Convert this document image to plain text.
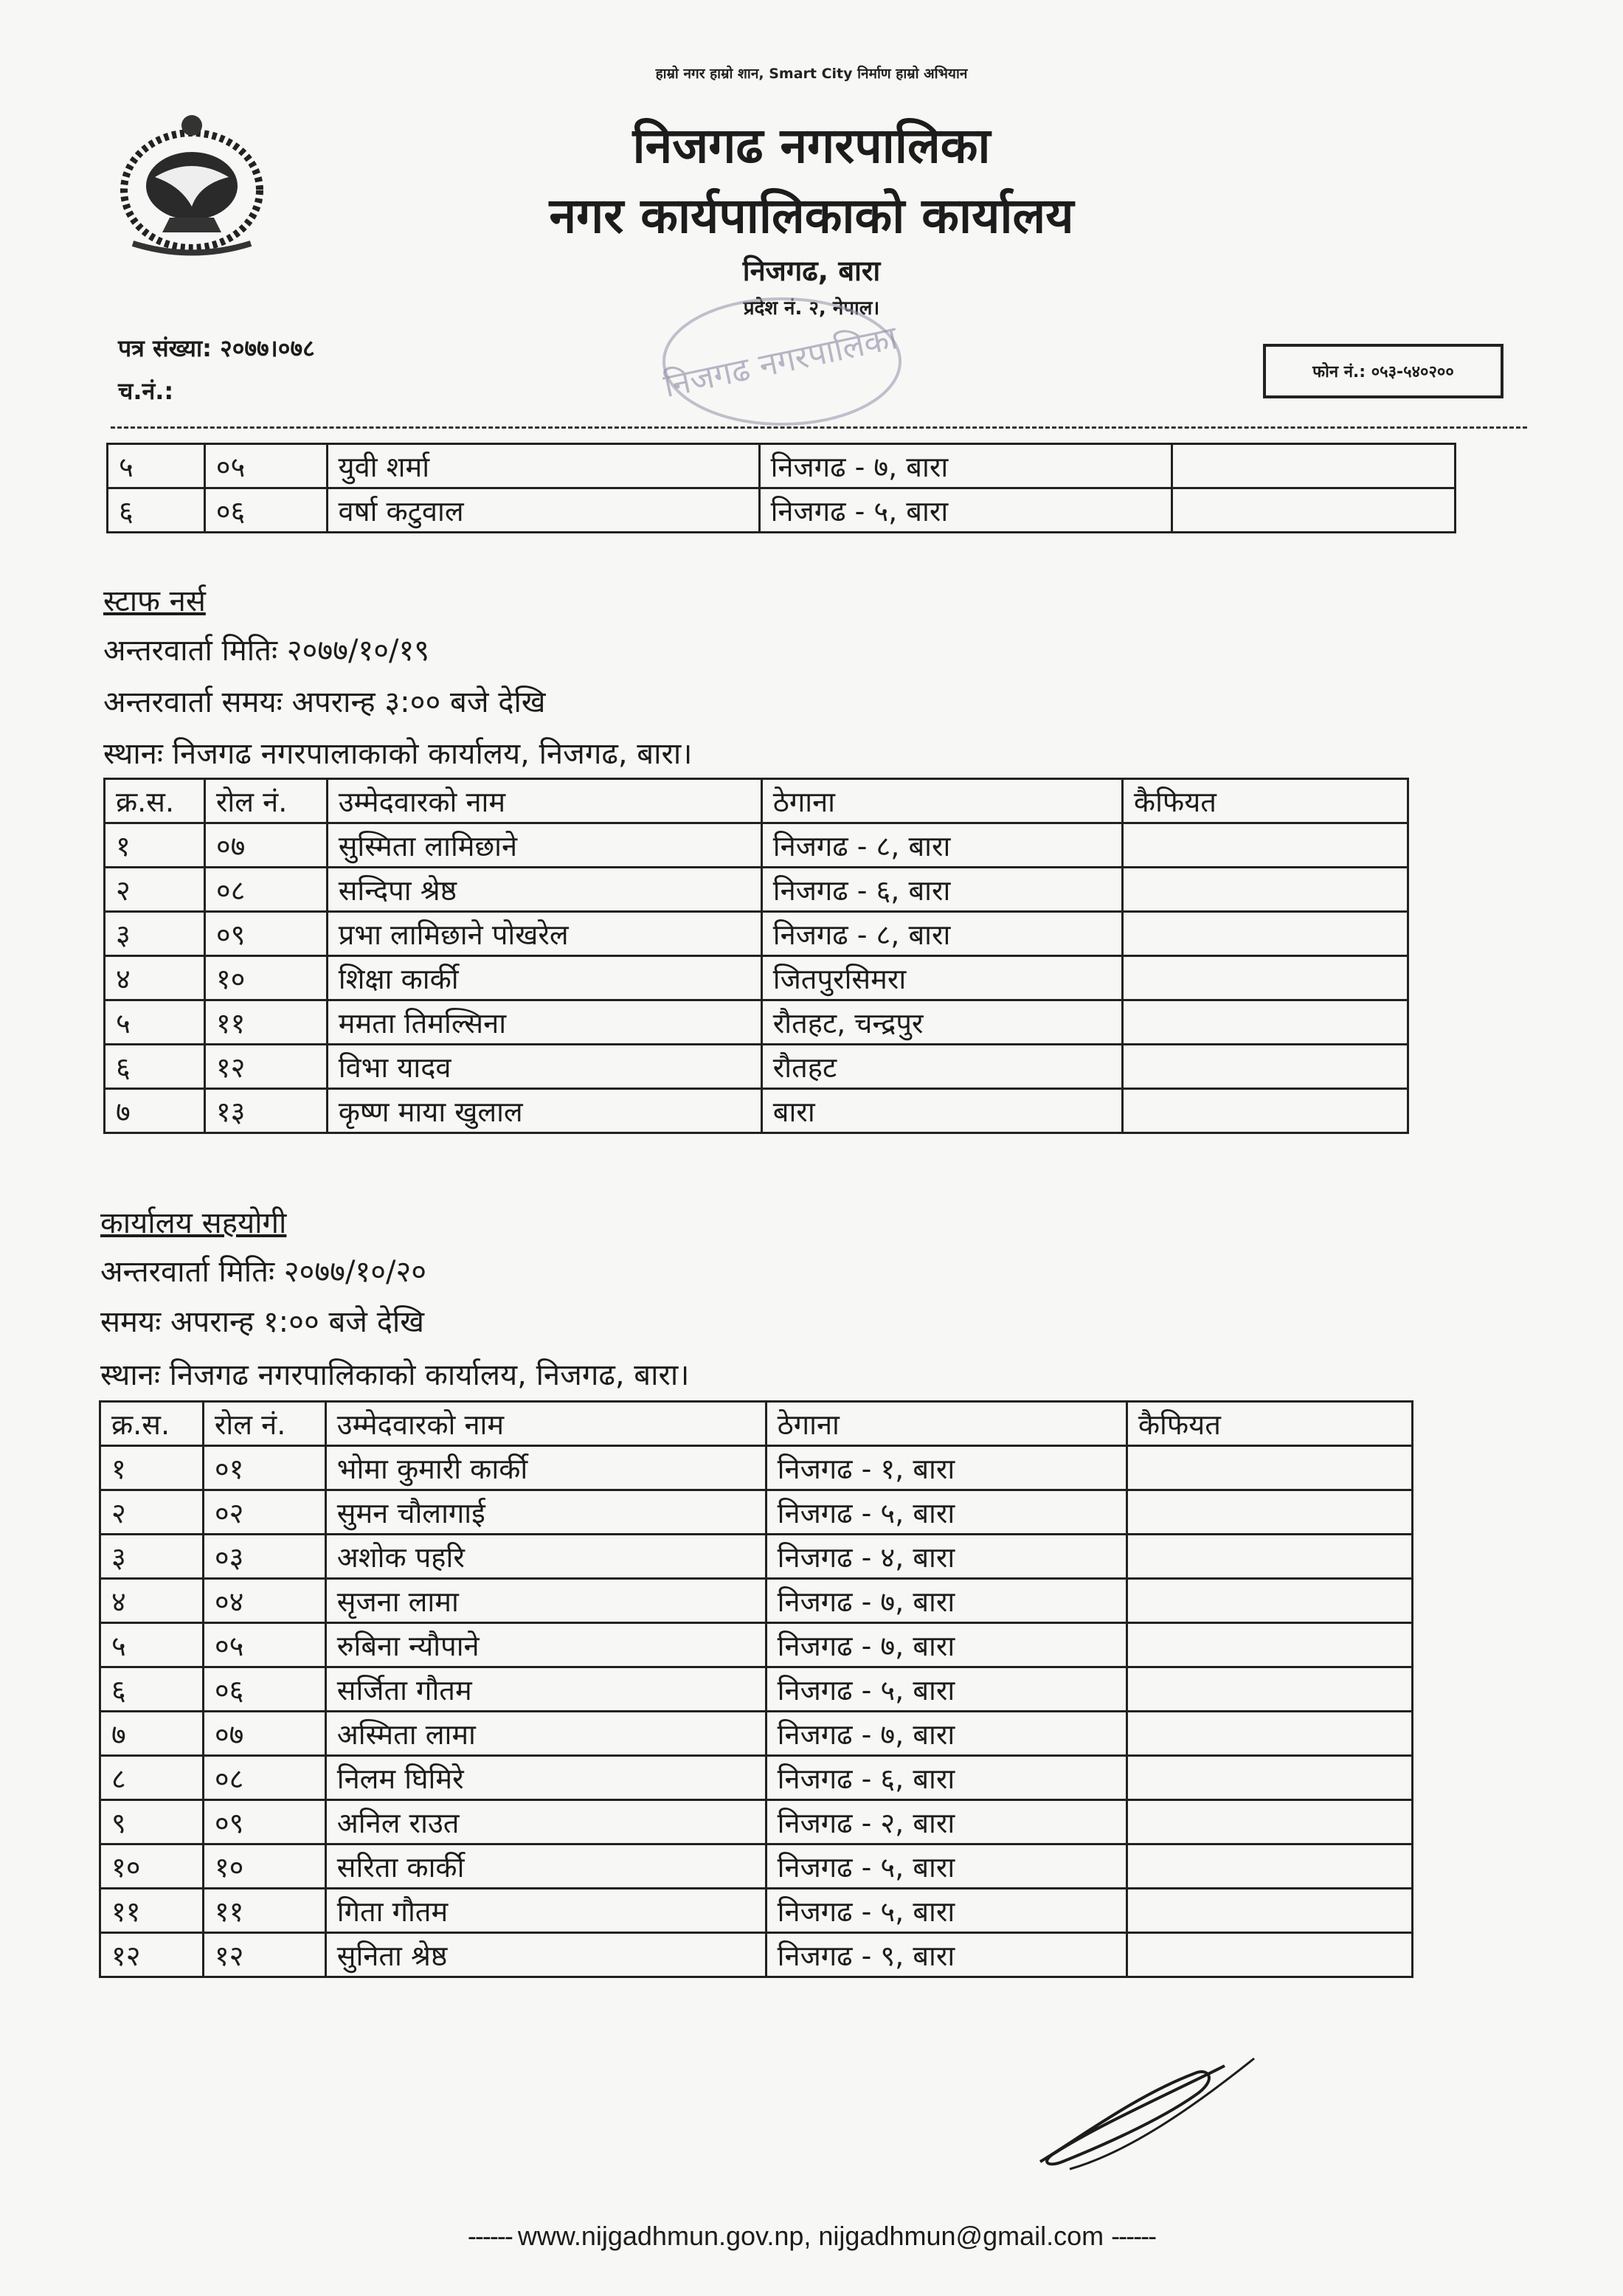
हाम्रो नगर हाम्रो शान, Smart City निर्माण हाम्रो अभियान
निजगढ नगरपालिका
नगर कार्यपालिकाको कार्यालय
निजगढ, बारा
प्रदेश नं. २, नेपाल।
निजगढ नगरपालिका
पत्र संख्या: २०७७।०७८
च.नं.:
फोन नं.: ०५३-५४०२००
५	०५	युवी शर्मा	निजगढ - ७, बारा	
६	०६	वर्षा कटुवाल	निजगढ - ५, बारा	
स्टाफ नर्स
अन्तरवार्ता मितिः २०७७/१०/१९
अन्तरवार्ता समयः अपरान्ह ३:०० बजे देखि
स्थानः निजगढ नगरपालाकाको कार्यालय, निजगढ, बारा।
क्र.स.	रोल नं.	उम्मेदवारको नाम	ठेगाना	कैफियत
१	०७	सुस्मिता लामिछाने	निजगढ - ८, बारा	
२	०८	सन्दिपा श्रेष्ठ	निजगढ - ६, बारा	
३	०९	प्रभा लामिछाने पोखरेल	निजगढ - ८, बारा	
४	१०	शिक्षा कार्की	जितपुरसिमरा	
५	११	ममता तिमल्सिना	रौतहट, चन्द्रपुर	
६	१२	विभा यादव	रौतहट	
७	१३	कृष्ण माया खुलाल	बारा	
कार्यालय सहयोगी
अन्तरवार्ता मितिः २०७७/१०/२०
समयः अपरान्ह १:०० बजे देखि
स्थानः निजगढ नगरपालिकाको कार्यालय, निजगढ, बारा।
क्र.स.	रोल नं.	उम्मेदवारको नाम	ठेगाना	कैफियत
१	०१	भोमा कुमारी कार्की	निजगढ - १, बारा	
२	०२	सुमन चौलागाई	निजगढ - ५, बारा	
३	०३	अशोक पहरि	निजगढ - ४, बारा	
४	०४	सृजना लामा	निजगढ - ७, बारा	
५	०५	रुबिना न्यौपाने	निजगढ - ७, बारा	
६	०६	सर्जिता गौतम	निजगढ - ५, बारा	
७	०७	अस्मिता लामा	निजगढ - ७, बारा	
८	०८	निलम घिमिरे	निजगढ - ६, बारा	
९	०९	अनिल राउत	निजगढ - २, बारा	
१०	१०	सरिता कार्की	निजगढ - ५, बारा	
११	११	गिता गौतम	निजगढ - ५, बारा	
१२	१२	सुनिता श्रेष्ठ	निजगढ - ९, बारा	
------ www.nijgadhmun.gov.np, nijgadhmun@gmail.com ------
